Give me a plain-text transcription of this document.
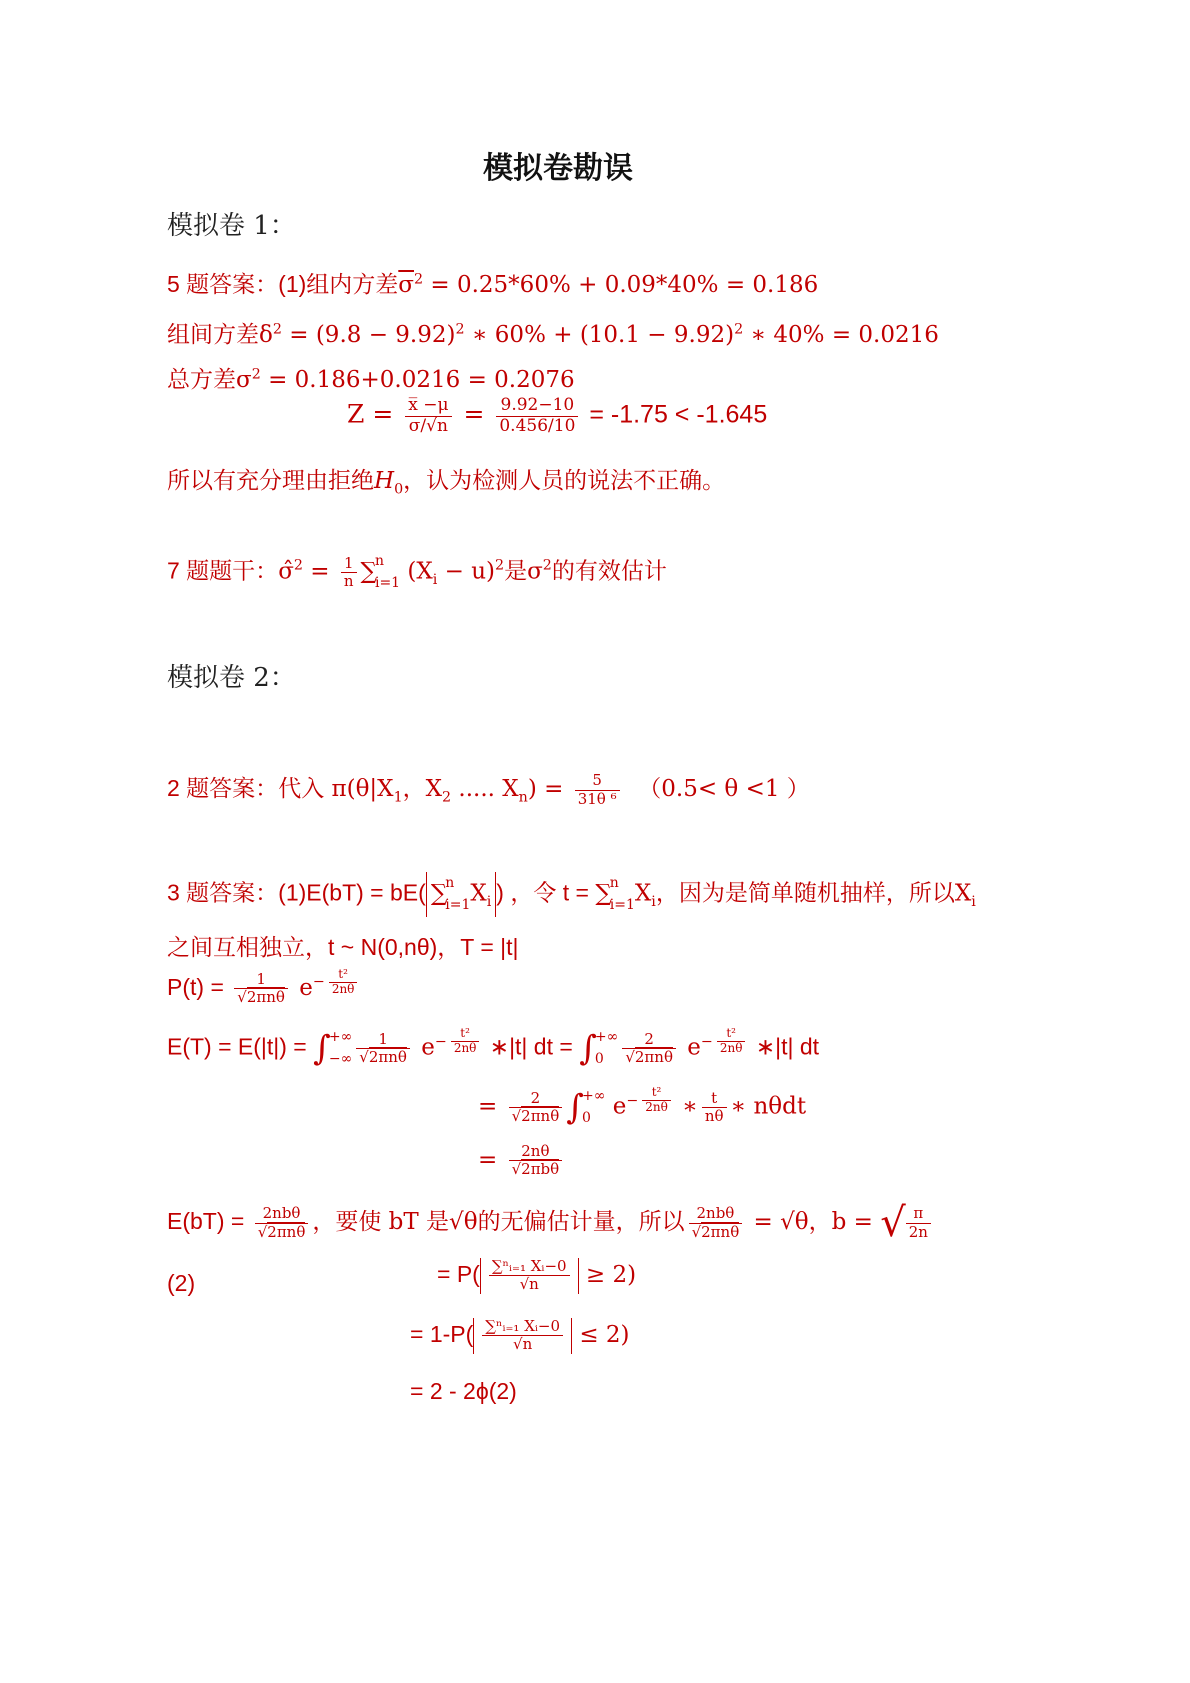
模拟卷勘误
模拟卷 1：
5 题答案：(1)组内方差$\overline{\sigma}^2 = 0.25*60\% + 0.09*40\% = 0.186$
组间方差$\delta^2 = (9.8 - 9.92)^2$ ∗ $60\% + (10.1 - 9.92)^2$ ∗ 40% = 0.0216
总方差$\sigma^2 = 0.186+0.0216 = 0.2076$
$Z = \frac{x̅ -\mu}{\sigma/√n} = \frac{9.92-10}{0.456/10} = -1.75 < -1.645$
所以有充分理由拒绝$H_0$，认为检测人员的说法不正确。
7 题题干：σ̂$^2$ = $\frac{1}{n}$ ∑
n
i=1 $(X_i - u)^2$是$\sigma^2$的有效估计
模拟卷 2：
2 题答案：代入 $\pi(\theta|X_1$，$X_2$ ..... $X_n) = \frac{5}{\text{31θ ⁶}} (0.5< \theta <1$ ）
3 题答案：(1)E(bT) = bE( ∑
n
i=1 $X_i$ ) ，令 t = ∑
n
i=1 $X_i$，因为是简单随机抽样，所以$X_i$
之间互相独立，t ~ N(0,nθ)，T = |t|
$P(t) = \frac{1}{\text{√2πnθ}} e^{- \frac{\text{t²}}{2n\theta}}$
E(T) = E(|t|) = ∫
+∞
−∞ $\frac{1}{\text{√2πnθ}} e^{- \frac{\text{t²}}{2n\theta}}$ ∗|t| dt = ∫
+∞
0	$\frac{2}{\text{√2πnθ}} e^{- \frac{\text{t²}}{2n\theta}}$ ∗|t| dt
= $\frac{2}{\text{√2πnθ}}$ ∫
+∞
0 $e^{- \frac{\text{t²}}{2n\theta}}$ ∗ $\frac{t}{n\theta}$ ∗ nθdt
= $\frac{2n\theta}{\text{√2πbθ}}$
$E(bT) = \frac{\text{2nbθ}}{\text{√2πnθ}}$ ，要使 bT 是√θ的无偏估计量，所以 $\frac{\text{2nbθ}}{\text{√2πnθ}} = √\theta$，b = √ $\frac{\pi}{2n}$
(2)	= $P( \frac{\text{∑ⁿᵢ₌₁ Xᵢ−0}}{√n} \ge 2)$
= $1-P( \frac{\text{∑ⁿᵢ₌₁ Xᵢ−0}}{√n} \le 2)$
= 2 - 2ϕ(2)
